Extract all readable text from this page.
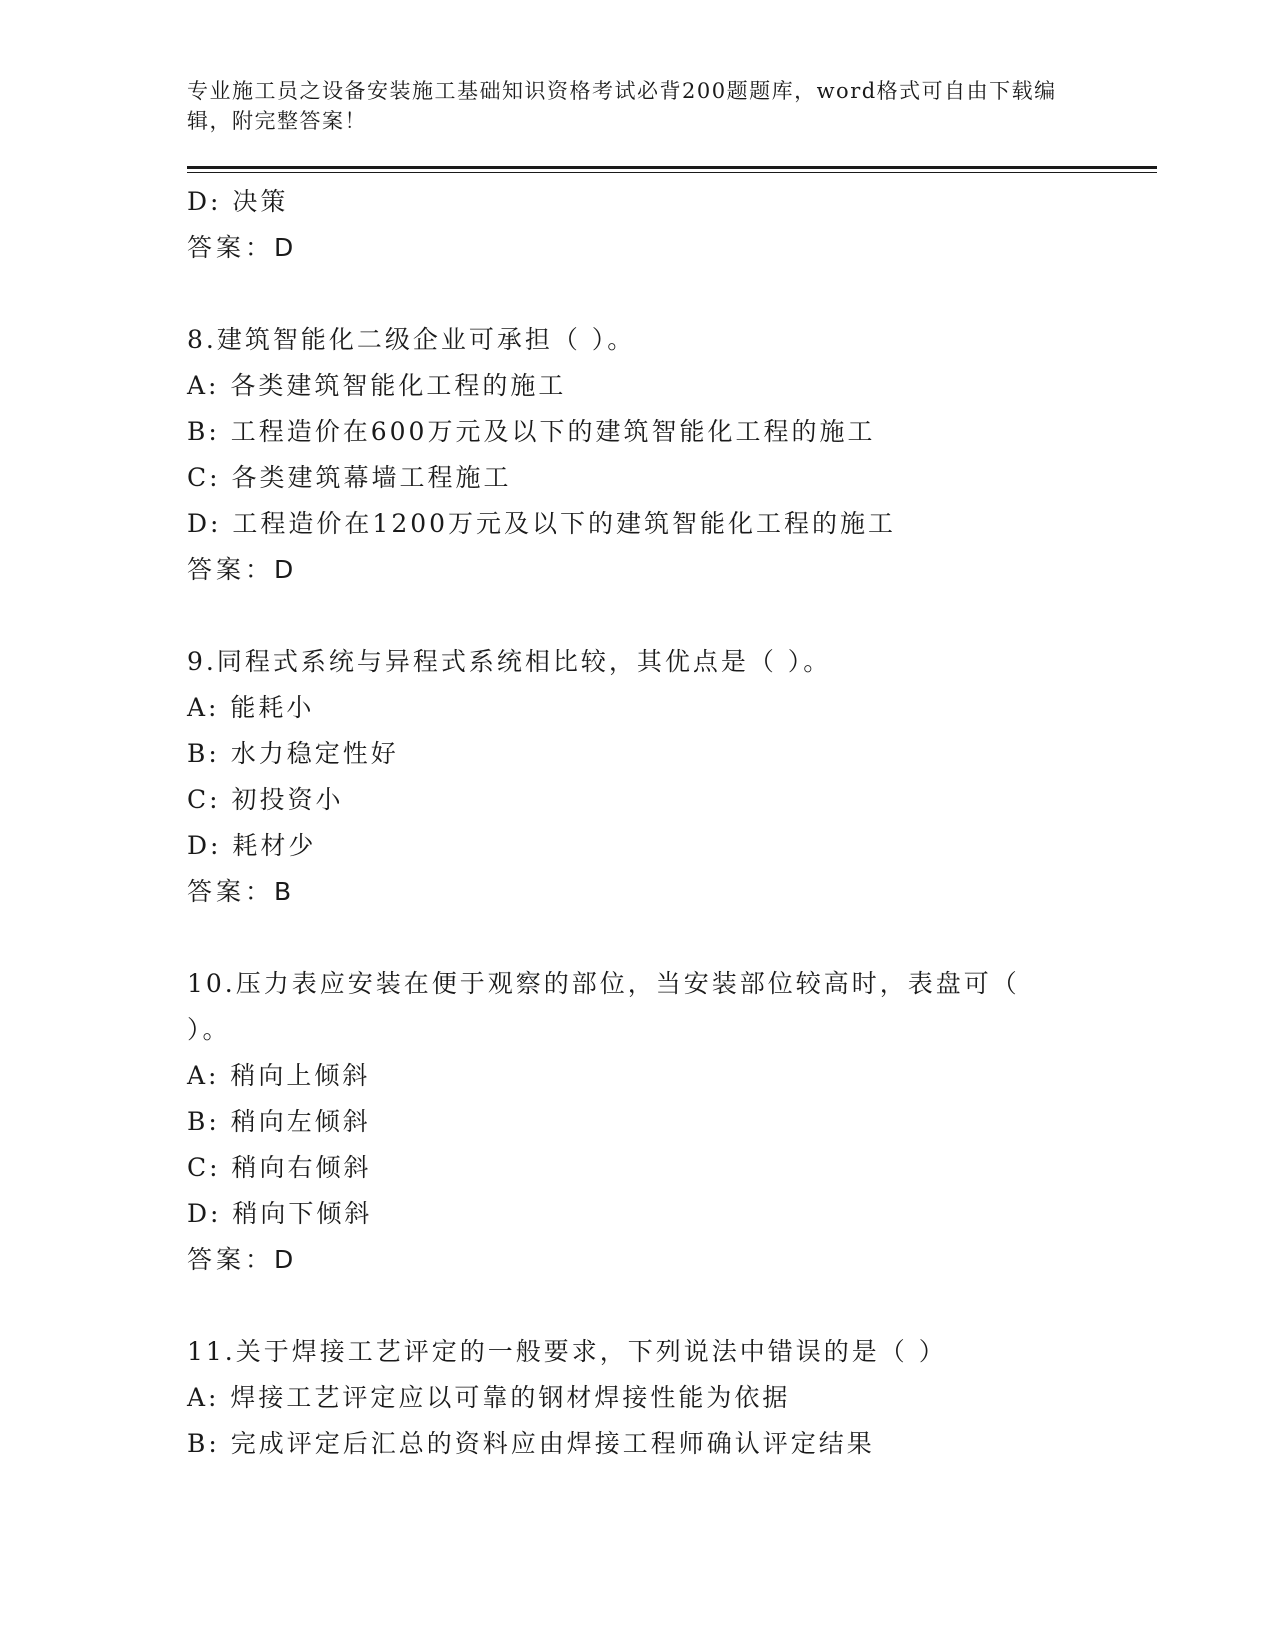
专业施工员之设备安装施工基础知识资格考试必背200题题库，word格式可自由下载编辑，附完整答案！

D: 决策

答案：D

8.建筑智能化二级企业可承担（ ）。

A: 各类建筑智能化工程的施工

B: 工程造价在600万元及以下的建筑智能化工程的施工

C: 各类建筑幕墙工程施工

D: 工程造价在1200万元及以下的建筑智能化工程的施工

答案：D

9.同程式系统与异程式系统相比较，其优点是（ ）。

A: 能耗小

B: 水力稳定性好

C: 初投资小

D: 耗材少

答案：B

10.压力表应安装在便于观察的部位，当安装部位较高时，表盘可（ ）。

A: 稍向上倾斜

B: 稍向左倾斜

C: 稍向右倾斜

D: 稍向下倾斜

答案：D

11.关于焊接工艺评定的一般要求，下列说法中错误的是（ ）

A: 焊接工艺评定应以可靠的钢材焊接性能为依据

B: 完成评定后汇总的资料应由焊接工程师确认评定结果
